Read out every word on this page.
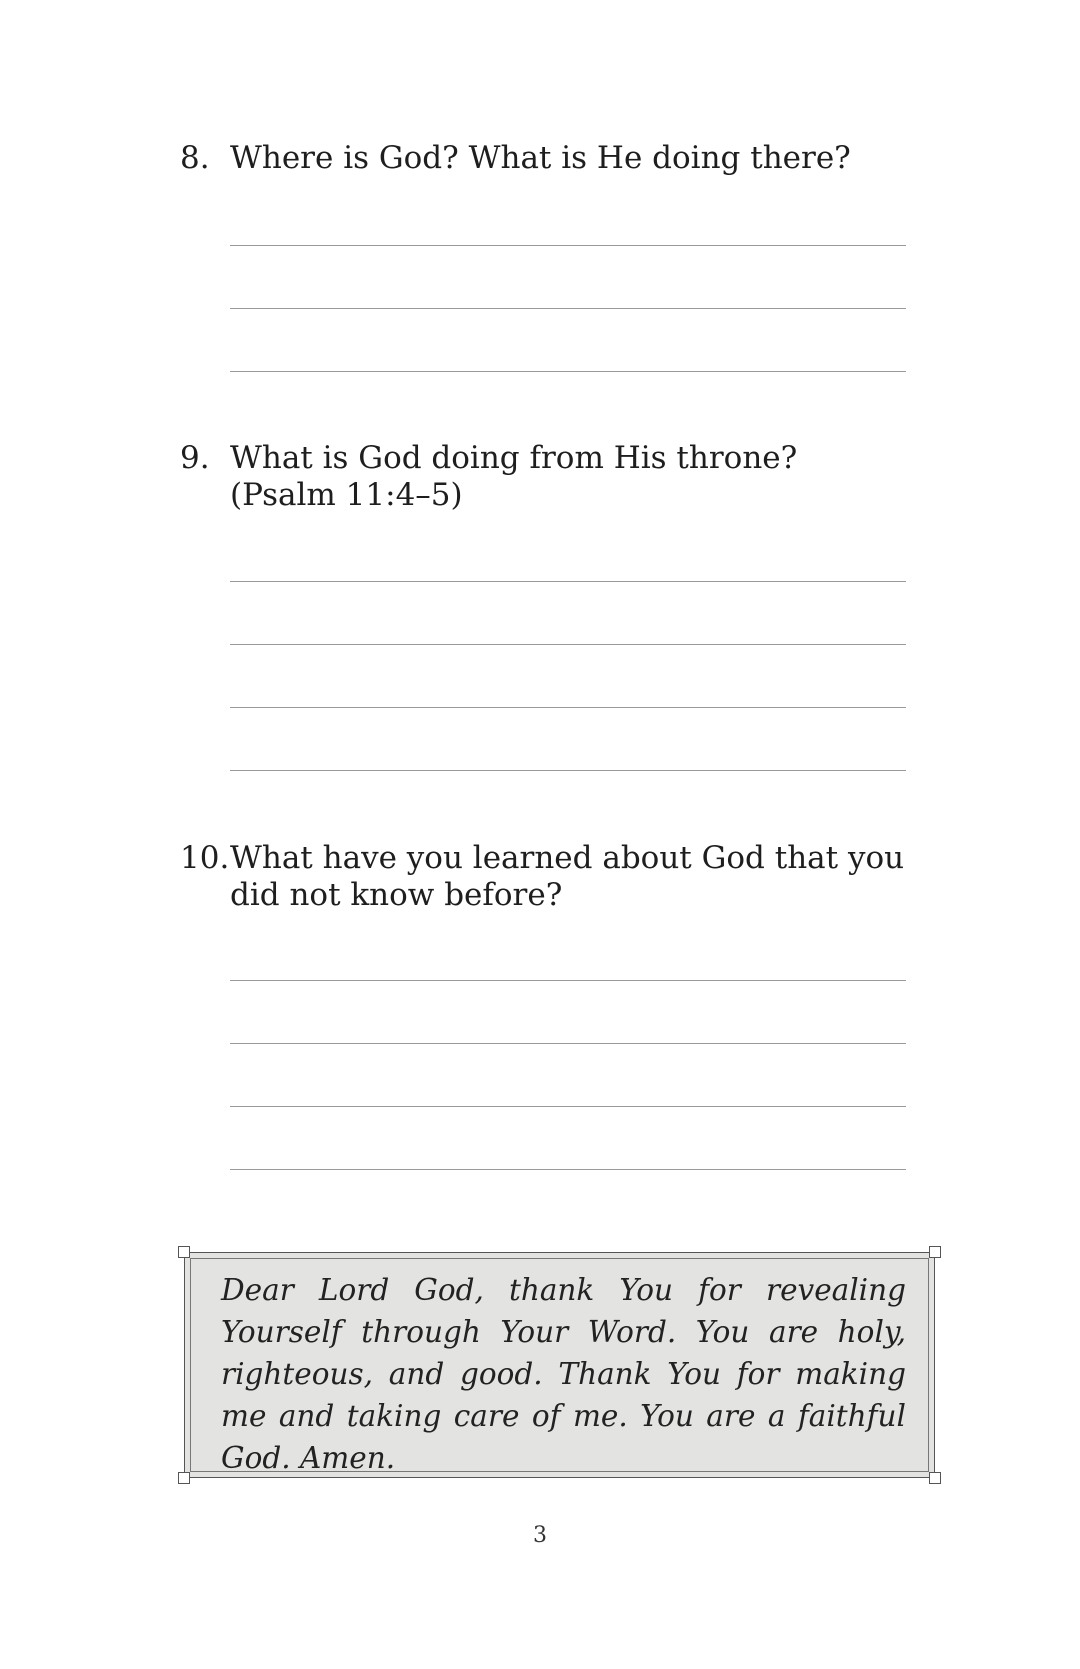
8. Where is God? What is He doing there?
9. What is God doing from His throne? (Psalm 11:4–5)
10. What have you learned about God that you did not know before?
Dear Lord God, thank You for revealing Yourself through Your Word. You are holy, righteous, and good. Thank You for making me and taking care of me. You are a faithful God. Amen.
3
